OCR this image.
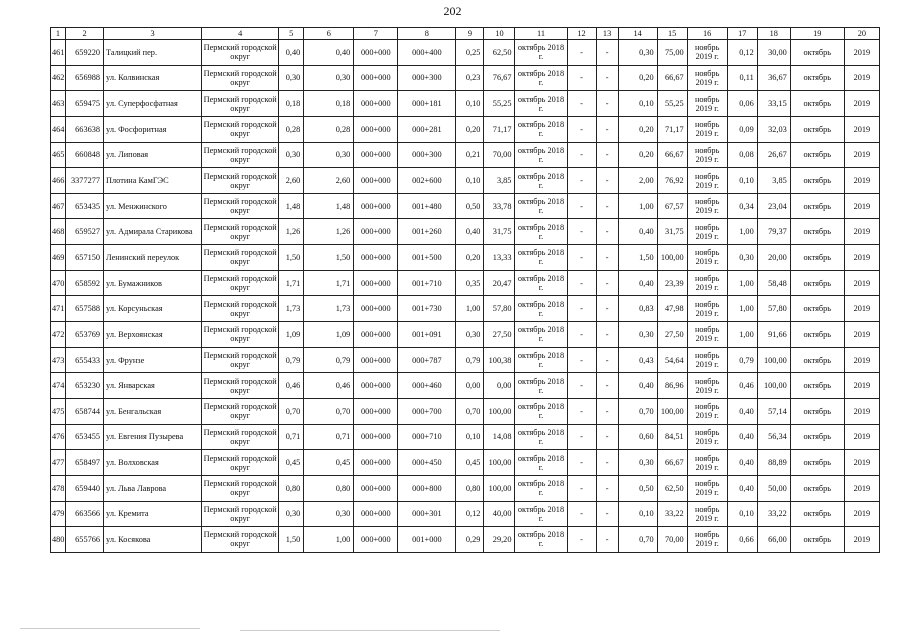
202
1	2	3	4	5	6	7	8	9	10	11	12	13	14	15	16	17	18	19	20
461	659220	Талицкий пер.	Пермский городской округ	0,40	0,40	000+000	000+400	0,25	62,50	октябрь 2018 г.	-	-	0,30	75,00	ноябрь 2019 г.	0,12	30,00	октябрь	2019
462	656988	ул. Колвинская	Пермский городской округ	0,30	0,30	000+000	000+300	0,23	76,67	октябрь 2018 г.	-	-	0,20	66,67	ноябрь 2019 г.	0,11	36,67	октябрь	2019
463	659475	ул. Суперфосфатная	Пермский городской округ	0,18	0,18	000+000	000+181	0,10	55,25	октябрь 2018 г.	-	-	0,10	55,25	ноябрь 2019 г.	0,06	33,15	октябрь	2019
464	663638	ул. Фосфоритная	Пермский городской округ	0,28	0,28	000+000	000+281	0,20	71,17	октябрь 2018 г.	-	-	0,20	71,17	ноябрь 2019 г.	0,09	32,03	октябрь	2019
465	660848	ул. Липовая	Пермский городской округ	0,30	0,30	000+000	000+300	0,21	70,00	октябрь 2018 г.	-	-	0,20	66,67	ноябрь 2019 г.	0,08	26,67	октябрь	2019
466	3377277	Плотина КамГЭС	Пермский городской округ	2,60	2,60	000+000	002+600	0,10	3,85	октябрь 2018 г.	-	-	2,00	76,92	ноябрь 2019 г.	0,10	3,85	октябрь	2019
467	653435	ул. Менжинского	Пермский городской округ	1,48	1,48	000+000	001+480	0,50	33,78	октябрь 2018 г.	-	-	1,00	67,57	ноябрь 2019 г.	0,34	23,04	октябрь	2019
468	659527	ул. Адмирала Старикова	Пермский городской округ	1,26	1,26	000+000	001+260	0,40	31,75	октябрь 2018 г.	-	-	0,40	31,75	ноябрь 2019 г.	1,00	79,37	октябрь	2019
469	657150	Ленинский переулок	Пермский городской округ	1,50	1,50	000+000	001+500	0,20	13,33	октябрь 2018 г.	-	-	1,50	100,00	ноябрь 2019 г.	0,30	20,00	октябрь	2019
470	658592	ул. Бумажников	Пермский городской округ	1,71	1,71	000+000	001+710	0,35	20,47	октябрь 2018 г.	-	-	0,40	23,39	ноябрь 2019 г.	1,00	58,48	октябрь	2019
471	657588	ул. Корсуньская	Пермский городской округ	1,73	1,73	000+000	001+730	1,00	57,80	октябрь 2018 г.	-	-	0,83	47,98	ноябрь 2019 г.	1,00	57,80	октябрь	2019
472	653769	ул. Верхоянская	Пермский городской округ	1,09	1,09	000+000	001+091	0,30	27,50	октябрь 2018 г.	-	-	0,30	27,50	ноябрь 2019 г.	1,00	91,66	октябрь	2019
473	655433	ул. Фрунзе	Пермский городской округ	0,79	0,79	000+000	000+787	0,79	100,38	октябрь 2018 г.	-	-	0,43	54,64	ноябрь 2019 г.	0,79	100,00	октябрь	2019
474	653230	ул. Январская	Пермский городской округ	0,46	0,46	000+000	000+460	0,00	0,00	октябрь 2018 г.	-	-	0,40	86,96	ноябрь 2019 г.	0,46	100,00	октябрь	2019
475	658744	ул. Бенгальская	Пермский городской округ	0,70	0,70	000+000	000+700	0,70	100,00	октябрь 2018 г.	-	-	0,70	100,00	ноябрь 2019 г.	0,40	57,14	октябрь	2019
476	653455	ул. Евгения Пузырева	Пермский городской округ	0,71	0,71	000+000	000+710	0,10	14,08	октябрь 2018 г.	-	-	0,60	84,51	ноябрь 2019 г.	0,40	56,34	октябрь	2019
477	658497	ул. Волховская	Пермский городской округ	0,45	0,45	000+000	000+450	0,45	100,00	октябрь 2018 г.	-	-	0,30	66,67	ноябрь 2019 г.	0,40	88,89	октябрь	2019
478	659440	ул. Льва Лаврова	Пермский городской округ	0,80	0,80	000+000	000+800	0,80	100,00	октябрь 2018 г.	-	-	0,50	62,50	ноябрь 2019 г.	0,40	50,00	октябрь	2019
479	663566	ул. Кремита	Пермский городской округ	0,30	0,30	000+000	000+301	0,12	40,00	октябрь 2018 г.	-	-	0,10	33,22	ноябрь 2019 г.	0,10	33,22	октябрь	2019
480	655766	ул. Косякова	Пермский городской округ	1,50	1,00	000+000	001+000	0,29	29,20	октябрь 2018 г.	-	-	0,70	70,00	ноябрь 2019 г.	0,66	66,00	октябрь	2019
